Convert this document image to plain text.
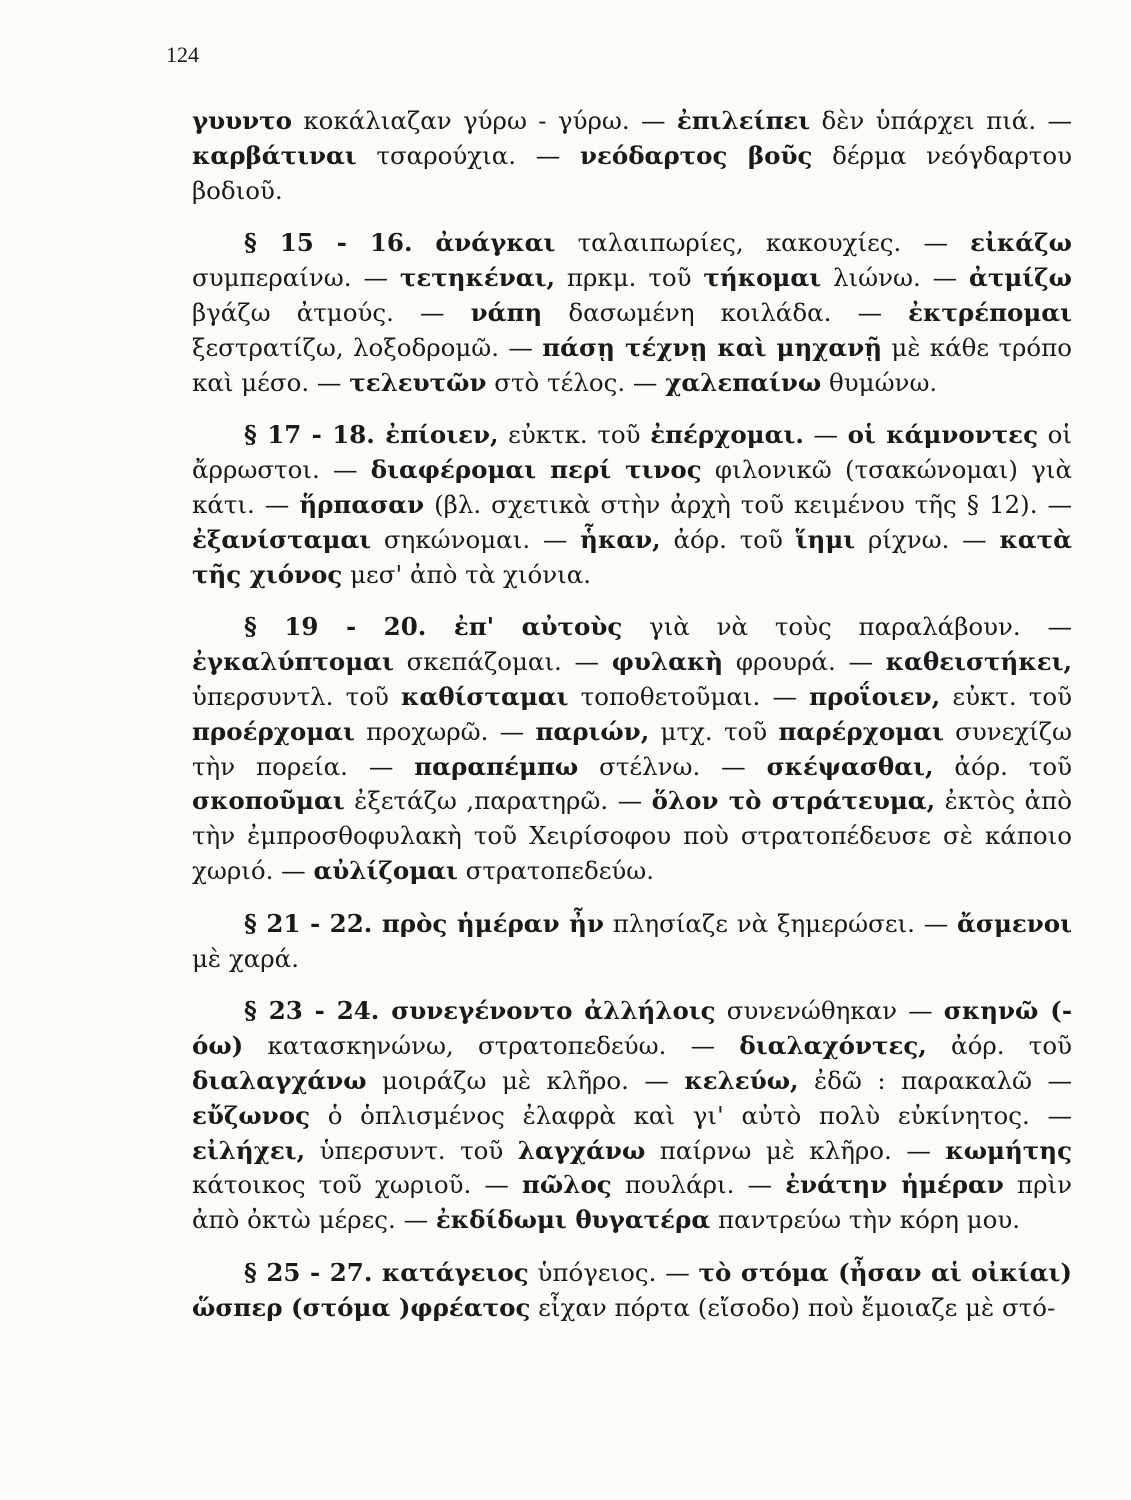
124

γυυντο κοκάλιαζαν γύρω - γύρω. — ἐπιλείπει δὲν ὑπάρχει πιά. — καρβάτιναι τσαρούχια. — νεόδαρτος βοῦς δέρμα νεόγδαρτου βοδιοῦ.

§ 15 - 16. ἀνάγκαι ταλαιπωρίες, κακουχίες. — εἰκάζω συμπεραίνω. — τετηκέναι, πρκμ. τοῦ τήκομαι λιώνω. — ἀτμίζω βγάζω ἀτμούς. — νάπη δασωμένη κοιλάδα. — ἐκτρέπομαι ξεστρατίζω, λοξοδρομῶ. — πάσῃ τέχνῃ καὶ μηχανῇ μὲ κάθε τρόπο καὶ μέσο. — τελευτῶν στὸ τέλος. — χαλεπαίνω θυμώνω.

§ 17 - 18. ἐπίοιεν, εὐκτκ. τοῦ ἐπέρχομαι. — οἱ κάμνοντες οἱ ἄρρωστοι. — διαφέρομαι περί τινος φιλονικῶ (τσακώνομαι) γιὰ κάτι. — ἥρπασαν (βλ. σχετικὰ στὴν ἀρχὴ τοῦ κειμένου τῆς § 12). — ἐξανίσταμαι σηκώνομαι. — ἧκαν, ἀόρ. τοῦ ἵημι ρίχνω. — κατὰ τῆς χιόνος μεσ' ἀπὸ τὰ χιόνια.

§ 19 - 20. ἐπ' αὐτοὺς γιὰ νὰ τοὺς παραλάβουν. — ἐγκαλύπτομαι σκεπάζομαι. — φυλακὴ φρουρά. — καθειστήκει, ὑπερσυντλ. τοῦ καθίσταμαι τοποθετοῦμαι. — προΐοιεν, εὐκτ. τοῦ προέρχομαι προχωρῶ. — παριών, μτχ. τοῦ παρέρχομαι συνεχίζω τὴν πορεία. — παραπέμπω στέλνω. — σκέψασθαι, ἀόρ. τοῦ σκοποῦμαι ἐξετάζω ,παρατηρῶ. — ὅλον τὸ στράτευμα, ἐκτὸς ἀπὸ τὴν ἐμπροσθοφυλακὴ τοῦ Χειρίσοφου ποὺ στρατοπέδευσε σὲ κάποιο χωριό. — αὐλίζομαι στρατοπεδεύω.

§ 21 - 22. πρὸς ἡμέραν ἦν πλησίαζε νὰ ξημερώσει. — ἄσμενοι μὲ χαρά.

§ 23 - 24. συνεγένοντο ἀλλήλοις συνενώθηκαν — σκηνῶ (-όω) κατασκηνώνω, στρατοπεδεύω. — διαλαχόντες, ἀόρ. τοῦ διαλαγχάνω μοιράζω μὲ κλῆρο. — κελεύω, ἐδῶ : παρακαλῶ — εὔζωνος ὁ ὁπλισμένος ἐλαφρὰ καὶ γι' αὐτὸ πολὺ εὐκίνητος. — εἰλήχει, ὑπερσυντ. τοῦ λαγχάνω παίρνω μὲ κλῆρο. — κωμήτης κάτοικος τοῦ χωριοῦ. — πῶλος πουλάρι. — ἐνάτην ἡμέραν πρὶν ἀπὸ ὀκτὼ μέρες. — ἐκδίδωμι θυγατέρα παντρεύω τὴν κόρη μου.

§ 25 - 27. κατάγειος ὑπόγειος. — τὸ στόμα (ἦσαν αἱ οἰκίαι) ὥσπερ (στόμα )φρέατος εἶχαν πόρτα (εἴσοδο) ποὺ ἔμοιαζε μὲ στό-
